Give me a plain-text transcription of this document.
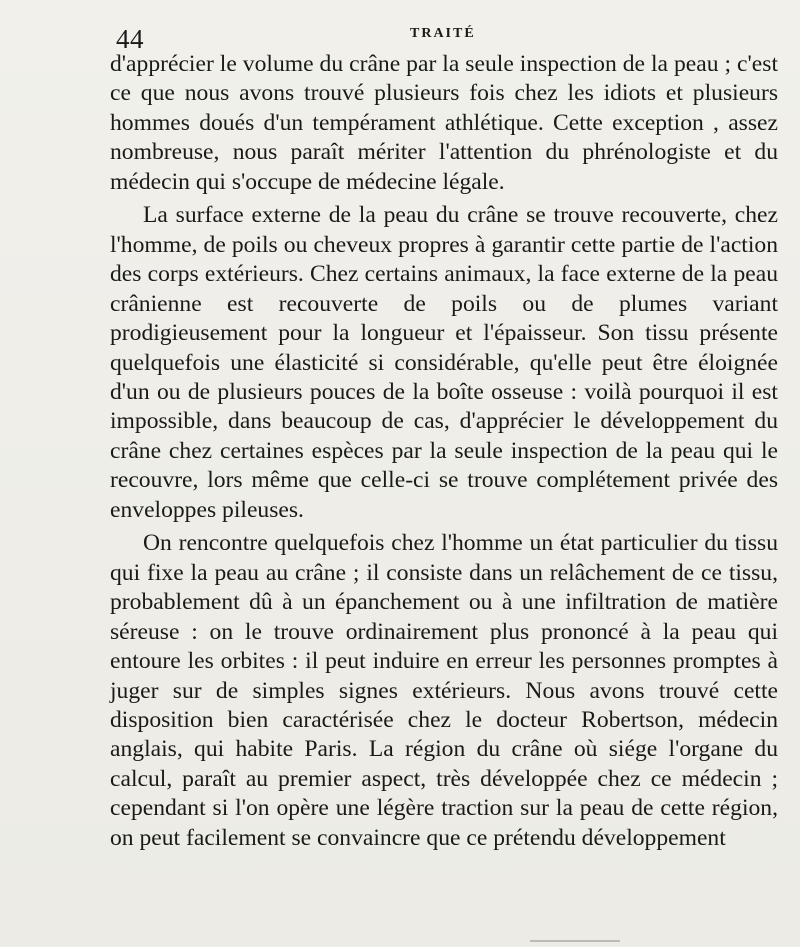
44	TRAITÉ

d'apprécier le volume du crâne par la seule inspection de la peau ; c'est ce que nous avons trouvé plusieurs fois chez les idiots et plusieurs hommes doués d'un tempérament athlétique. Cette exception , assez nombreuse, nous paraît mériter l'attention du phrénologiste et du médecin qui s'occupe de médecine légale.

La surface externe de la peau du crâne se trouve recouverte, chez l'homme, de poils ou cheveux propres à garantir cette partie de l'action des corps extérieurs. Chez certains animaux, la face externe de la peau crânienne est recouverte de poils ou de plumes variant prodigieusement pour la longueur et l'épaisseur. Son tissu présente quelquefois une élasticité si considérable, qu'elle peut être éloignée d'un ou de plusieurs pouces de la boîte osseuse : voilà pourquoi il est impossible, dans beaucoup de cas, d'apprécier le développement du crâne chez certaines espèces par la seule inspection de la peau qui le recouvre, lors même que celle-ci se trouve complétement privée des enveloppes pileuses.

On rencontre quelquefois chez l'homme un état particulier du tissu qui fixe la peau au crâne ; il consiste dans un relâchement de ce tissu, probablement dû à un épanchement ou à une infiltration de matière séreuse : on le trouve ordinairement plus prononcé à la peau qui entoure les orbites : il peut induire en erreur les personnes promptes à juger sur de simples signes extérieurs. Nous avons trouvé cette disposition bien caractérisée chez le docteur Robertson, médecin anglais, qui habite Paris. La région du crâne où siége l'organe du calcul, paraît au premier aspect, très développée chez ce médecin ; cependant si l'on opère une légère traction sur la peau de cette région, on peut facilement se convaincre que ce prétendu développement
